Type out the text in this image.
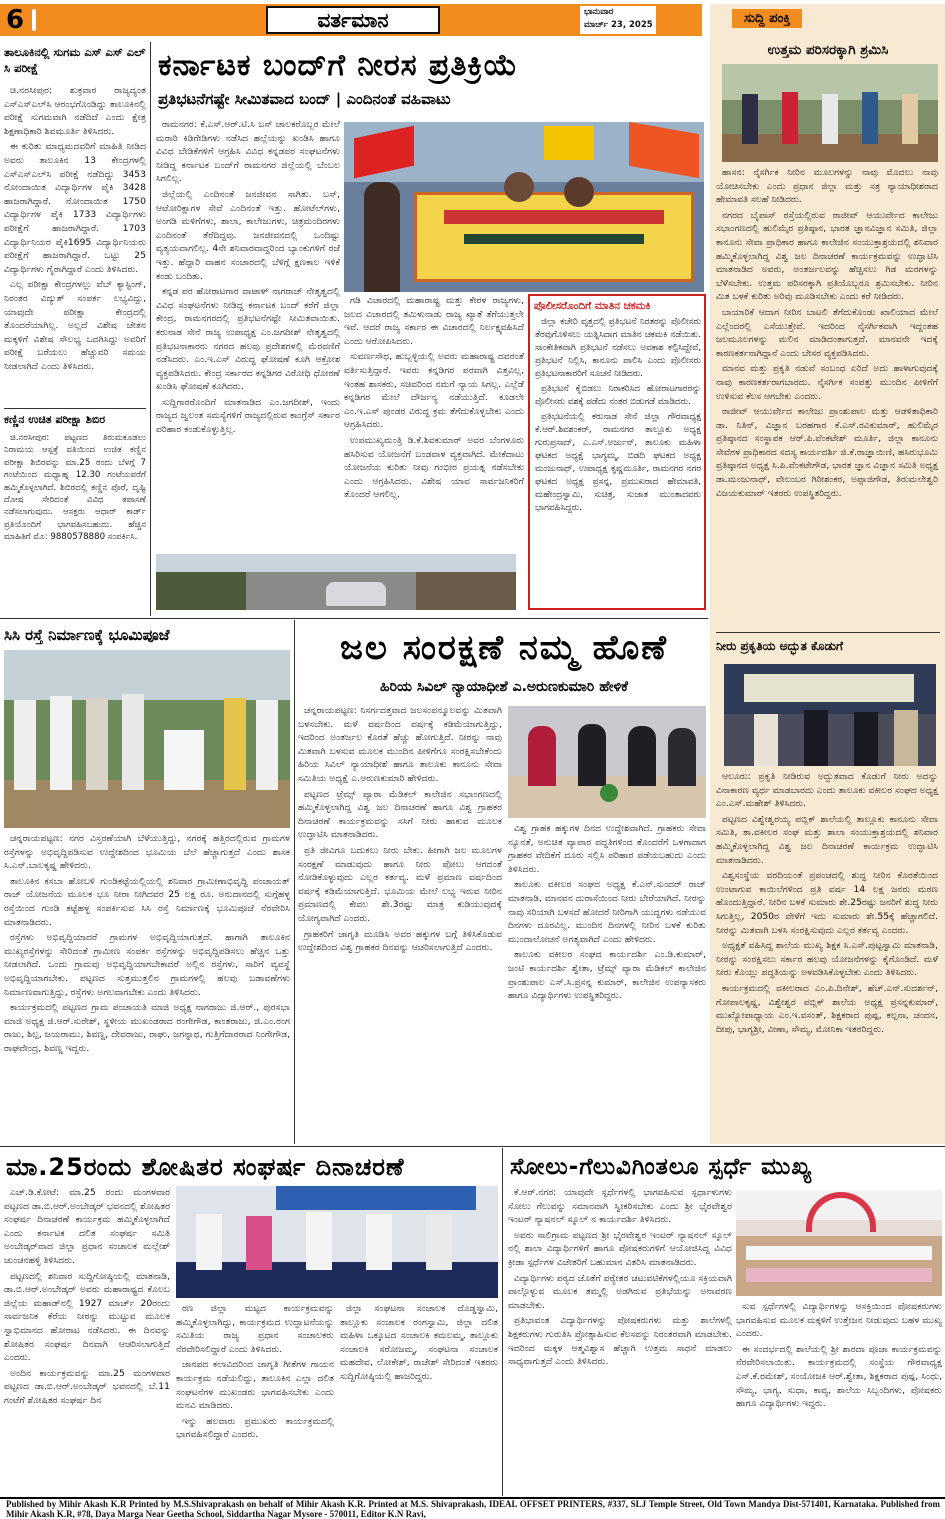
6	ವರ್ತಮಾನ	ಭಾನುವಾರ
ಮಾರ್ಚ್ 23, 2025	ಸುದ್ದಿ ಪಂಕ್ತಿ
ತಾಲೂಕಿನಲ್ಲಿ ಸುಗಮ ಎಸ್ ಎಸ್ ಎಲ್ ಸಿ ಪರೀಕ್ಷೆ

ಚಿ.ನರಸೀಪುರ: ಶುಕ್ರವಾರ ರಾಜ್ಯದ್ಯಂತ ಎಸ್‌ಎಸ್‌ಎಲ್‌ಸಿ ಆರಂಭಗೊಂಡಿದ್ದು ತಾಲೂಕಿನಲ್ಲಿ ಪರೀಕ್ಷೆ ಸುಗಮವಾಗಿ ನಡೆದಿದೆ ಎಂದು ಕ್ಷೇತ್ರ ಶಿಕ್ಷಣಾಧಿಕಾರಿ ಶಿವಮೂರ್ತಿ ತಿಳಿಸಿದರು.

ಈ ಕುರಿತು ಮಾಧ್ಯಮದವರಿಗೆ ಮಾಹಿತಿ ನೀಡಿದ ಅವರು ತಾಲೂಕಿನ 13 ಕೇಂದ್ರಗಳಲ್ಲಿ ಎಸ್‌ಎಸ್‌ಎಲ್‌ಸಿ ಪರೀಕ್ಷೆ ನಡೆದಿದ್ದು 3453 ನೋಂದಾಯಿತ ವಿದ್ಯಾರ್ಥಿಗಳ ಪೈಕಿ 3428 ಹಾಜರಾಗಿದ್ದಾರೆ. ನೋಂದಾಯಿತ 1750 ವಿದ್ಯಾರ್ಥಿಗಳ ಪೈಕಿ 1733 ವಿದ್ಯಾರ್ಥಿಗಳು ಪರೀಕ್ಷೆಗೆ ಹಾಜರಾಗಿದ್ದಾರೆ. 1703 ವಿದ್ಯಾರ್ಥಿನಿಯರ ಪೈಕಿ1695 ವಿದ್ಯಾರ್ಥಿನಿಯರು ಪರೀಕ್ಷೆಗೆ ಹಾಜರಾಗಿದ್ದಾರೆ. ಒಟ್ಟು 25 ವಿದ್ಯಾರ್ಥಿಗಳು ಗೈರಾಗಿದ್ದಾರೆ ಎಂದು ತಿಳಿಸಿದರು.

ಎಲ್ಲ ಪರೀಕ್ಷಾ ಕೇಂದ್ರಗಳಲ್ಲು ವೆಬ್ ಕ್ಯಾಸ್ಟಿಂಗ್, ನಿರಂತರ ವಿದ್ಯುತ್ ಸಂಪರ್ಕ ಲಭ್ಯವಿದ್ದು, ಯಾವುದೇ ಪರೀಕ್ಷಾ ಕೇಂದ್ರದಲ್ಲಿ ತೊಂದರೆಯಾಗಿಲ್ಲ. ಅಲ್ಲದೆ ವಿಶೇಷ ಚೇತನ ಮಕ್ಕಳಿಗೆ ವಿಶೇಷ ಸೌಲಭ್ಯ ಒದಗಿಸಿದ್ದು ಅವರಿಗೆ ಪರೀಕ್ಷೆ ಬರೆಯಲು ಹೆಚ್ಚುವರಿ ಸಮಯ ನೀಡಲಾಗಿದೆ ಎಂದು ತಿಳಿಸಿದರು.

ಕಣ್ಣಿನ ಉಚಿತ ಪರೀಕ್ಷಾ ಶಿಬಿರ

ಚಿ.ನರಸೀಪುರ: ಪಟ್ಟಣದ ತಿರುಮಕೂಡಲು ನಿರಾಮಯ ಆಸ್ಪತ್ರೆ ವತಿಯಿಂದ ಉಚಿತ ಕಣ್ಣಿನ ಪರೀಕ್ಷಾ ಶಿಬಿರವನ್ನು ಮಾ.25 ರಂದು ಬೆಳಗ್ಗೆ 7 ಗಂಟೆಯಿಂದ ಮಧ್ಯಾಹ್ನ 12.30 ಗಂಟೆಯವರೆಗೆ ಹಮ್ಮಿಕೊಳ್ಳಲಾಗಿದೆ. ಶಿಬಿರದಲ್ಲಿ ಕಣ್ಣಿನ ಪೊರೆ, ದೃಷ್ಟಿ ದೋಷ ಸೇರಿದಂತೆ ವಿವಿಧ ತಪಾಸಣೆ ನಡೆಸಲಾಗುವುದು. ಆಸಕ್ತರು ಆಧಾರ್ ಕಾರ್ಡ್ ಪ್ರತಿಯೊಂದಿಗೆ ಭಾಗವಹಿಸಬಹುದು. ಹೆಚ್ಚಿನ ಮಾಹಿತಿಗೆ ಮೊ: 9880578880 ಸಂಪರ್ಕಿಸಿ.

ಕರ್ನಾಟಕ ಬಂದ್‌ಗೆ ನೀರಸ ಪ್ರತಿಕ್ರಿಯೆ
ಪ್ರತಿಭಟನೆಗಷ್ಟೇ ಸೀಮಿತವಾದ ಬಂದ್ | ಎಂದಿನಂತೆ ವಹಿವಾಟು

ರಾಮನಗರ: ಕೆ.ಎಸ್.ಆರ್.ಟಿ.ಸಿ ಬಸ್ ಚಾಲಕರೊಬ್ಬರ ಮೇಲೆ ಮರಾಠಿ ಕಿಡಿಗೇಡಿಗಳು ನಡೆಸಿದ ಹಲ್ಲೆಯನ್ನು ಖಂಡಿಸಿ ಹಾಗೂ ವಿವಿಧ ಬೇಡಿಕೆಗಳಿಗೆ ಆಗ್ರಹಿಸಿ ವಿವಿಧ ಕನ್ನಡಪರ ಸಂಘಟನೆಗಳು ನೀಡಿದ್ದ ಕರ್ನಾಟಕ ಬಂದ್‌ಗೆ ರಾಮನಗರ ಜಿಲ್ಲೆಯಲ್ಲಿ ಬೆಂಬಲ ಸಿಗಲಿಲ್ಲ.

ಜಿಲ್ಲೆಯಲ್ಲಿ ಎಂದಿನಂತೆ ಜನಜೀವನ ಸಾಗಿತು. ಬಸ್, ಆಟೋರಿಕ್ಷಾಗಳ ಸೇವೆ ಎಂದಿನಂತೆ ಇತ್ತು. ಹೋಟೆಲ್‌ಗಳು, ಅಂಗಡಿ ಮಳಿಗೆಗಳು, ಶಾಲಾ, ಕಾಲೇಜುಗಳು, ಚಿತ್ರಮಂದಿರಗಳು ಎಂದಿನಂತೆ ತೆರೆದಿದ್ದವು. ಜನಜೀವನದಲ್ಲಿ ಒಂದಿಷ್ಟು ವ್ಯತ್ಯಯವಾಗಲಿಲ್ಲ. 4ನೇ ಶನಿವಾರವಾದ್ದರಿಂದ ಬ್ಯಾಂಕುಗಳಿಗೆ ರಜೆ ಇತ್ತು. ಹೆದ್ದಾರಿ ವಾಹನ ಸಂಚಾರದಲ್ಲಿ ಬೆಳಿಗ್ಗೆ ಕ್ಷಣಕಾಲ ಇಳಿಕೆ ಕಂಡು ಬಂದಿತು.

ಕನ್ನಡ ಪರ ಹೋರಾಟಗಾರ ವಾಟಾಳ್ ನಾಗರಾಜ್ ನೇತೃತ್ವದಲ್ಲಿ ವಿವಿಧ ಸಂಘಟನೆಗಳು ನೀಡಿದ್ದ ಕರ್ನಾಟಕ ಬಂದ್ ಕರೆಗೆ ಜಿಲ್ಲಾ ಕೇಂದ್ರ, ರಾಮನಗರದಲ್ಲಿ ಪ್ರತಿಭಟನೆಗಷ್ಟೇ ಸೀಮಿತವಾಯಿತು. ಕರುನಾಡ ಸೇನೆ ರಾಜ್ಯ ಉಪಾಧ್ಯಕ್ಷ ಎಂ.ಜಗದೀಶ್ ನೇತೃತ್ವದಲ್ಲಿ ಪ್ರತಿಭಟನಾಕಾರರು ನಗರದ ಹಲವು ಪ್ರದೇಶಗಳಲ್ಲಿ ಮೆರವಣಿಗೆ ನಡೆಸಿದರು. ಎಂ.ಇ.ಎಸ್ ವಿರುದ್ಧ ಘೋಷಣೆ ಕೂಗಿ ಆಕ್ರೋಶ ವ್ಯಕ್ತಪಡಿಸಿದರು. ಕೇಂದ್ರ ಸರ್ಕಾರದ ಕನ್ನಡಿಗರ ವಿರೋಧಿ ಧೋರಣೆ ಖಂಡಿಸಿ ಘೋಷಣೆ ಕೂಗಿದರು.

ಸುದ್ದಿಗಾರರೊಂದಿಗೆ ಮಾತನಾಡಿದ ಎಂ.ಜಗದೀಶ್, ಇಂದು ರಾಜ್ಯದ ಜ್ವಲಂತ ಸಮಸ್ಯೆಗಳಿಗೆ ರಾಜ್ಯದಲ್ಲಿರುವ ಕಾಂಗ್ರೆಸ್ ಸರ್ಕಾರ ಪರಿಹಾರ ಕಂಡುಕೊಳ್ಳುತ್ತಿಲ್ಲ.

ಗಡಿ ವಿಚಾರದಲ್ಲಿ ಮಹಾರಾಷ್ಟ್ರ ಮತ್ತು ಕೇರಳ ರಾಜ್ಯಗಳು, ಜಲದ ವಿಚಾರದಲ್ಲಿ ತಮಿಳುನಾಡು ರಾಜ್ಯ ಖ್ಯಾತೆ ತೆಗೆಯುತ್ತಲೇ ಇವೆ. ಆದರೆ ರಾಜ್ಯ ಸರ್ಕಾರ ಈ ವಿಚಾರದಲ್ಲಿ ನಿರ್ಲಕ್ಷ್ಯವಹಿಸಿದೆ ಎಂದು ಆರೋಪಿಸಿದರು.

ಸುವರ್ಣಸೌಧ, ಹುಬ್ಬಳ್ಳಿಯಲ್ಲಿ ಅವರು ಮಹಾರಾಷ್ಟ್ರ ದವರಂತೆ ವರ್ತಿಸುತ್ತಿದ್ದಾರೆ. ಇವರು ಕನ್ನಡಿಗರ ಪರವಾಗಿ ವಿತ್ತವಿಲ್ಲ, ಇಂತಹ ಶಾಸಕರು, ಸಚಿವರಿಂದ ನಮಗೆ ನ್ಯಾಯ ಸಿಗಲ್ಲ. ಎಲ್ಲೆಡೆ ಕನ್ನಡಿಗರ ಮೇಲೆ ದೌರ್ಜನ್ಯ ನಡೆಯುತ್ತಿದೆ. ಕೂಡಲೇ ಎಂ.ಇ.ಎಸ್ ಪುಂಡರ ವಿರುದ್ಧ ಕ್ರಮ ತೆಗೆದುಕೊಳ್ಳಬೇಕು ಎಂದು ಆಗ್ರಹಿಸಿದರು.

ಉಪಮುಖ್ಯಮಂತ್ರಿ ಡಿ.ಕೆ.ಶಿವಕುಮಾರ್ ಅವರ ಬೆಂಗಳೂರು ಹಸಿರಿಸುವ ಯೋಜನೆಗೆ ಬಂಡವಾಳ ವ್ಯಕ್ತವಾಗಿದೆ. ಮೇಕೆದಾಟು ಯೋಜನೆಯ ಕುರಿತು ನೀವು ಗಂಭೀರ ಪ್ರಯತ್ನ ನಡೆಸಬೇಕು ಎಂದು ಆಗ್ರಹಿಸಿದರು. ವಿಶೇಷ ಯಾವ ಸಾರ್ವಜನಿಕರಿಗೆ ತೊಂದರೆ ಆಗಲಿಲ್ಲ.

ಪೊಲೀಸರೊಂದಿಗೆ ಮಾತಿನ ಚಕಮಕಿ

ಜಿಲ್ಲಾ ಕಚೇರಿ ವೃತ್ತದಲ್ಲಿ ಪ್ರತಿಭಟನೆ ನಿರತರನ್ನು ಪೊಲೀಸರು ತೆರವುಗೊಳಿಸಲು ಯತ್ನಿಸಿದಾಗ ಮಾತಿನ ಚಕಮಕಿ ನಡೆಯಿತು. ಸಾಂಕೇತಿಕವಾಗಿ ಪ್ರತಿಭಟನೆ ನಡೆಸಲು ಅವಕಾಶ ಕಲ್ಪಿಸಿದ್ದೇವೆ, ಪ್ರತಿಭಟನೆ ನಿಲ್ಲಿಸಿ, ಕಾನೂನು ಪಾಲಿಸಿ ಎಂದು ಪೊಲೀಸರು ಪ್ರತಿಭಟನಾಕಾರರಿಗೆ ಸೂಚನೆ ನೀಡಿದರು.

ಪ್ರತಿಭಟನೆ ಕೈಬಿಡಲು ನಿರಾಕರಿಸಿದ ಹೋರಾಟಗಾರರನ್ನು ಪೊಲೀಸರು ವಶಕ್ಕೆ ಪಡೆದು ನಂತರ ಬಿಡುಗಡೆ ಮಾಡಿದರು.

ಪ್ರತಿಭಟನೆಯಲ್ಲಿ ಕರುನಾಡ ಸೇನೆ ಜಿಲ್ಲಾ ಗೌರವಾಧ್ಯಕ್ಷ ಕೆ.ಆರ್.ಶಿವಶಂಕರ್, ರಾಮನಗರ ತಾಲ್ಲೂಕು ಅಧ್ಯಕ್ಷ ಗುರುಪ್ರಸಾದ್, ಎ.ಎಸ್.ಅರ್ಜುನ್, ತಾಲೂಕು ಮಹಿಳಾ ಘಟಕದ ಅಧ್ಯಕ್ಷೆ ಭಾಗ್ಯಮ್ಮ, ಬಿಡದಿ ಘಟಕದ ಅಧ್ಯಕ್ಷ ಮಂಜುನಾಥ್, ಉಪಾಧ್ಯಕ್ಷ ಕೃಷ್ಣಮೂರ್ತಿ, ರಾಮನಗರ ನಗರ ಘಟಕದ ಅಧ್ಯಕ್ಷ ಪ್ರಸನ್ನ, ಪ್ರಮುಖರಾದ ಹೇಮಾವತಿ, ಮಹೇಂದ್ರಸ್ವಾಮಿ, ಸುಚಿತ್ರ, ಸುಜಾತ ಮುಂತಾದವರು ಭಾಗವಹಿಸಿದ್ದರು.

ಉತ್ತಮ ಪರಿಸರಕ್ಕಾಗಿ ಶ್ರಮಿಸಿ

ಹಾಸನ: ನೈಸರ್ಗಿಕ ನೀರಿನ ಮೂಲಗಳನ್ನು ನಾವು ಮೊದಲು ನಾವು ಯೋಚಿಸಬೇಕು ಎಂದು ಪ್ರಧಾನ ಜಿಲ್ಲಾ ಮತ್ತು ಸತ್ರ ನ್ಯಾಯಾಧೀಶರಾದ ಹೇಮಾವತಿ ಸಲಹೆ ನೀಡಿದರು.

ನಗರದ ಬೈಪಾಸ್ ರಸ್ತೆಯಲ್ಲಿರುವ ರಾಜೀವ್ ಆಯುರ್ವೇದ ಕಾಲೇಜು ಸಭಾಂಗಣದಲ್ಲಿ ಹುಲಿಮೈರ ಪ್ರತಿಷ್ಠಾನ, ಭಾರತ ಜ್ಞಾನವಿಜ್ಞಾನ ಸಮಿತಿ, ಜಿಲ್ಲಾ ಕಾನೂನು ಸೇವಾ ಪ್ರಾಧಿಕಾರ ಹಾಗೂ ಕಾಲೇಜಿನ ಸಂಯುಕ್ತಾಶ್ರಯದಲ್ಲಿ ಶನಿವಾರ ಹಮ್ಮಿಕೊಳ್ಳಲಾಗಿದ್ದ ವಿಶ್ವ ಜಲ ದಿನಾಚರಣೆ ಕಾರ್ಯಕ್ರಮವನ್ನು ಉದ್ಘಾಟಿಸಿ ಮಾತನಾಡಿದ ಅವರು, ಅಂತರ್ಜಲವನ್ನು ಹೆಚ್ಚಿಸಲು ಗಿಡ ಮರಗಳನ್ನು ಬೆಳೆಸಬೇಕು. ಉತ್ತಮ ಪರಿಸರಕ್ಕಾಗಿ ಪ್ರತಿಯೊಬ್ಬರೂ ಶ್ರಮಿಸಬೇಕು. ನೀರಿನ ಮಿತ ಬಳಕೆ ಕುರಿತು ಅರಿವು ಮೂಡಿಸಬೇಕು ಎಂದು ಕರೆ ನೀಡಿದರು.

ಬಾಯಾರಿಕೆ ಆದಾಗ ನೀರಿನ ಬಾಟಲಿ ತೆಗೆದುಕೊಂಡು ಖಾಲಿಯಾದ ಮೇಲೆ ಎಲ್ಲೆಂದರಲ್ಲಿ ಎಸೆಯುತ್ತೇವೆ. ಇದರಿಂದ ನೈಸರ್ಗಿಕವಾಗಿ ಇದ್ದಂತಹ ಜಲಮೂಲಗಳನ್ನು ಮಲಿನ ಮಾಡಿದಂತಾಗುತ್ತದೆ. ಮಾನವನೇ ಇದಕ್ಕೆ ಕಾರಣಕರ್ತನಾಗಿದ್ದಾನೆ ಎಂದು ಬೇಸರ ವ್ಯಕ್ತಪಡಿಸಿದರು.

ಮಾನವ ಮತ್ತು ಪ್ರಕೃತಿ ನಡುವೆ ಸಂಬಂಧ ಏರಿದೆ ಅದು ಹಾಳಾಗುವುದಕ್ಕೆ ನಾವು ಕಾರಣಕರ್ತರಾಗಬಾರದು. ನೈಸರ್ಗಿಕ ಸಂಪತ್ತು ಮುಂದಿನ ಪೀಳಿಗೆಗೆ ಉಳಿಸುವ ಕೆಲಸ ಆಗಬೇಕು ಎಂದರು.

ರಾಜೀವ್ ಆಯುರ್ವೇದ ಕಾಲೇಜು ಪ್ರಾಂಶುಪಾಲ ಮತ್ತು ಆಡಳಿತಾಧಿಕಾರಿ ಡಾ. ನಿತಿನ್, ವಿಜ್ಞಾನ ಬರಹಗಾರ ಕೆ.ಎಸ್.ರವಿಕುಮಾರ್, ಹುಲಿಮೈರ ಪ್ರತಿಷ್ಠಾನದ ಸಂಸ್ಥಾಪಕ ಆರ್.ಪಿ.ವೆಂಕಟೇಶ್ ಮೂರ್ತಿ, ಜಿಲ್ಲಾ ಕಾನೂನು ಸೇವೆಗಳ ಪ್ರಾಧಿಕಾರದ ಸದಸ್ಯ ಕಾರ್ಯದರ್ಶಿ ಜಿ.ಕೆ.ರಾಜ್ಞಾಯಿಣಿ, ಹಸಿರುಭೂಮಿ ಪ್ರತಿಷ್ಠಾನದ ಅಧ್ಯಕ್ಷ ಸಿ.ಪಿ.ವೆಂಕಟೇಗೌಡ, ಭಾರತ ಜ್ಞಾನ ವಿಜ್ಞಾನ ಸಮಿತಿ ಅಧ್ಯಕ್ಷ ಡಾ.ಮಂಜುನಾಥ್, ವೇಲಂಬರ ಗಿರೀಶಂಕರ, ಅಪ್ಪಾಜಿಗೌಡ, ತಿರುಮಲೇಶ್ವರಿ ವಿಜಯಕುಮಾರ್ ಇತರರು ಉಪಸ್ಥಿತರಿದ್ದರು.

ನೀರು ಪ್ರಕೃತಿಯ ಅದ್ಭುತ ಕೊಡುಗೆ

ಆಲೂರು: ಪ್ರಕೃತಿ ನೀಡಿರುವ ಅದ್ಭುತವಾದ ಕೊಡುಗೆ ನೀರು ಅದನ್ನು ವಿನಾಕಾರಣ ವ್ಯರ್ಥ ಮಾಡಬಾರದು ಎಂದು ತಾಲೂಕು ವಕೀಲರ ಸಂಘದ ಅಧ್ಯಕ್ಷ ಎಂ.ಎಸ್.ಮಹೇಶ್ ತಿಳಿಸಿದರು.

ಪಟ್ಟಣದ ವಿಶ್ವೇಶ್ವರಯ್ಯ ಪಬ್ಲಿಕ್ ಶಾಲೆಯಲ್ಲಿ ತಾಲ್ಲೂಕು ಕಾನೂನು ಸೇವಾ ಸಮಿತಿ, ತಾ.ವಕೀಲರ ಸಂಘ ಮತ್ತು ಶಾಲಾ ಸಂಯುಕ್ತಾಶ್ರಯದಲ್ಲಿ ಶನಿವಾರ ಹಮ್ಮಿಕೊಳ್ಳಲಾಗಿದ್ದ ವಿಶ್ವ ಜಲ ದಿನಾಚರಣೆ ಕಾರ್ಯಕ್ರಮ ಉದ್ಘಾಟಿಸಿ ಮಾತನಾಡಿದರು.

ವಿಶ್ವಸಂಸ್ಥೆಯ ವರದಿಯಂತೆ ಪ್ರಪಂಚದಲ್ಲಿ ಶುದ್ಧ ನೀರಿನ ಕೊರತೆಯಿಂದ ಉಂಟಾಗುವ ಕಾಯಿಲೆಗಳಿಂದ ಪ್ರತಿ ವರ್ಷ 14 ಲಕ್ಷ ಜನರು ಮರಣ ಹೊಂದುತ್ತಿದ್ದಾರೆ. ನೀರಿನ ಬಳಕೆ ಸುಮಾರು ಶೇ.25ರಷ್ಟು ಜನರಿಗೆ ಶುದ್ಧ ನೀರು ಸಿಗುತ್ತಿಲ್ಲ, 2050ರ ವೇಳೆಗೆ ಇದು ಸುಮಾರು ಶೇ.55ಕ್ಕೆ ಹೆಚ್ಚಾಗಲಿದೆ. ನೀರನ್ನು ಮಿತವಾಗಿ ಬಳಸಿ ಸಂರಕ್ಷಿಸುವುದು ಎಲ್ಲರ ಕರ್ತವ್ಯ ಎಂದರು.

ಅಧ್ಯಕ್ಷತೆ ವಹಿಸಿದ್ದ ಶಾಲೆಯ ಮುಖ್ಯ ಶಿಕ್ಷಕ ಸಿ.ಎಸ್.ಪುಟ್ಟಸ್ವಾಮಿ ಮಾತನಾಡಿ, ನೀರನ್ನು ಸಂರಕ್ಷಿಸಲು ಸರ್ಕಾರ ಹಲವು ಯೋಜನೆಗಳನ್ನು ಕೈಗೊಂಡಿದೆ. ಮಳೆ ನೀರು ಕೊಯ್ಲು ಪದ್ಧತಿಯನ್ನು ಅಳವಡಿಸಿಕೊಳ್ಳಬೇಕು ಎಂದು ತಿಳಿಸಿದರು.

ಕಾರ್ಯಕ್ರಮದಲ್ಲಿ ವಕೀಲರಾದ ಎಂ.ಪಿ.ದಿನೇಶ್, ಹೆಚ್.ಎನ್.ಸುದರ್ಶನ್, ಗೋಪಾಲಕೃಷ್ಣ, ವಿಶ್ವೇಶ್ವರ ಪಬ್ಲಿಕ್ ಶಾಲೆಯ ಅಧ್ಯಕ್ಷ ಪ್ರಸನ್ನಕುಮಾರ್, ಮುಖ್ಯೋಪಾಧ್ಯಾಯ ಎಂ.ಇ.ವಸಂತ್, ಶಿಕ್ಷಕರಾದ ಪುಷ್ಪ, ಕಲ್ಪನಾ, ಚಂದನ, ದೀಪು, ಭಾಗ್ಯಶ್ರೀ, ವೀಣಾ, ಸೌಮ್ಯ, ಮೋನಿಕಾ ಇತರರಿದ್ದರು.

ಸಿಸಿ ರಸ್ತೆ ನಿರ್ಮಾಣಕ್ಕೆ ಭೂಮಿಪೂಜೆ

ಚನ್ನರಾಯಪಟ್ಟಣ: ನಗರ ವಿಸ್ತರಣೆಯಾಗಿ ಬೆಳೆಯುತ್ತಿದ್ದು, ನಗರಕ್ಕೆ ಹತ್ತಿರದಲ್ಲಿರುವ ಗ್ರಾಮಗಳ ರಸ್ತೆಗಳನ್ನು ಅಭಿವೃದ್ದಿಪಡಿಸುವ ಉದ್ದೇಶದಿಂದ ಭೂಮಿಯ ಬೆಲೆ ಹೆಚ್ಚಾಗುತ್ತದೆ ಎಂದು ಶಾಸಕ ಸಿ.ಎನ್.ಬಾಲಕೃಷ್ಣ ಹೇಳಿದರು.

ತಾಲೂಕಿನ ಕಸಬಾ ಹೋಬಳಿ ಗುಂಡಿಕಟ್ಟೆಯಲ್ಲಿಯಲ್ಲಿ ಶನಿವಾರ ಗ್ರಾಮೀಣಾಭಿವೃದ್ಧಿ ಪಂಚಾಯತ್ ರಾಜ್ ಯೋಜನೆಯ ಮೂಲಕ ಭೂ ನೀರಾ ನೀಗಿದವರ 25 ಲಕ್ಷ ರೂ. ಅನುದಾನದಲ್ಲಿ ಸುಗ್ಗೆಹಳ್ಳ ರಸ್ತೆಯಿಂದ ಗುಂಡಿ ಕಟ್ಟೆಹಳ್ಳ ಸಂಪರ್ಕಿಸುವ ಸಿಸಿ ರಸ್ತೆ ನಿರ್ಮಾಣಕ್ಕೆ ಭೂಮಿಪೂಜೆ ನೆರವೇರಿಸಿ ಮಾತನಾಡಿದರು.

ರಸ್ತೆಗಳು ಅಭಿವೃದ್ದಿಯಾದರೆ ಗ್ರಾಮಗಳ ಅಭಿವೃದ್ದಿಯಾಗುತ್ತದೆ. ಹಾಗಾಗಿ ತಾಲೂಕಿನ ಮುಖ್ಯರಸ್ತೆಗಳನ್ನು ಸೇರಿದಂತೆ ಗ್ರಾಮೀಣ ಸಂಪರ್ಕ ರಸ್ತೆಗಳನ್ನು ಅಭಿವೃದ್ದಿಪಡಿಸಲು ಹೆಚ್ಚಿನ ಒತ್ತು ನೀಡಲಾಗಿದೆ. ಒಂದು ಗ್ರಾಮವು ಅಭಿವೃದ್ದಿಯಾಗಬೇಕಾದರೆ ಅಲ್ಲಿನ ರಸ್ತೆಗಳು, ಸಾರಿಗೆ ವ್ಯವಸ್ಥೆ ಅಭಿವೃದ್ದಿಯಾಗಬೇಕು. ಪಟ್ಟಣದ ಸುತ್ತಮುತ್ತಲಿನ ಗ್ರಾಮಗಳಲ್ಲಿ ಹಲವು ಬಡಾವಣೆಗಳು ನಿರ್ಮಾಣವಾಗುತ್ತಿದ್ದು, ರಸ್ತೆಗಳು ಅಗಲವಾಗಬೇಕು ಎಂದು ತಿಳಿಸಿದರು.

ಕಾರ್ಯಕ್ರಮದಲ್ಲಿ ಪಟ್ಟಣದ ಗ್ರಾಮ ಪಂಚಾಯತಿ ಮಾಜಿ ಅಧ್ಯಕ್ಷ ನಾಗರಾಜು ಜಿ.ಆರ್., ಪುರಸಭಾ ಮಾಜಿ ಅಧ್ಯಕ್ಷ ಜಿ.ಆರ್.ಸುರೇಶ್, ಸ್ಥಳೀಯ ಮುಖಂಡರಾದ ರಂಗೇಗೌಡ, ಕಾಂತರಾಜು, ಜಿ.ಎಂ.ರಂಗ ರಾಜು, ಶಿಲ್ಪ, ಜಯರಾಮು, ಶಿವಣ್ಣ, ದೇವರಾಜು, ರಾಘು, ಜಗನ್ನಾಥ, ಗುತ್ತಿಗೆದಾರರಾದ ನಿಂಗೇಗೌಡ, ರಾಘವೇಂದ್ರ, ಶಿವಣ್ಣ ಇದ್ದರು.

ಜಲ ಸಂರಕ್ಷಣೆ ನಮ್ಮ ಹೊಣೆ
ಹಿರಿಯ ಸಿವಿಲ್ ನ್ಯಾಯಾಧೀಶೆ ಎ.ಅರುಣಕುಮಾರಿ ಹೇಳಿಕೆ

ಚನ್ನರಾಯಪಟ್ಟಣ: ನಿಸರ್ಗದತ್ತವಾದ ಜಲಸಂಪನ್ಮೂಲವನ್ನು ಮಿತವಾಗಿ ಬಳಸಬೇಕು. ಮಳೆ ವರ್ಷದಿಂದ ವರ್ಷಕ್ಕೆ ಕಡಿಮೆಯಾಗುತ್ತಿದ್ದು, ಇದರಿಂದ ಅಂತರ್ಜಲ ಕೊರತೆ ಹೆಚ್ಚು ಹೋಗುತ್ತಿದೆ. ನೀರನ್ನು ನಾವು ಮಿತವಾಗಿ ಬಳಸುವ ಮೂಲಕ ಮುಂದಿನ ಪೀಳಿಗೆಗೂ ಸಂರಕ್ಷಿಸಬೇಕೆಂದು ಹಿರಿಯ ಸಿವಿಲ್ ನ್ಯಾಯಾಧೀಶೆ ಹಾಗೂ ತಾಲೂಕು ಕಾನೂನು ಸೇವಾ ಸಮಿತಿಯ ಅಧ್ಯಕ್ಷೆ ಎ.ಅರುಣಕುಮಾರಿ ಹೇಳಿದರು.

ಪಟ್ಟಣದ ಟ್ರೆಮ್ಸ್ ಪ್ಯಾರಾ ಮೆಡಿಕಲ್ ಕಾಲೇಜಿನ ಸಭಾಂಗಣದಲ್ಲಿ ಹಮ್ಮಿಕೊಳ್ಳಲಾಗಿದ್ದ ವಿಶ್ವ ಜಲ ದಿನಾಚರಣೆ ಹಾಗೂ ವಿಶ್ವ ಗ್ರಾಹಕರ ದಿನಾಚರಣೆ ಕಾರ್ಯಕ್ರಮವನ್ನು ಸಸಿಗೆ ನೀರು ಹಾಕುವ ಮೂಲಕ ಉದ್ಘಾಟಿಸಿ ಮಾತನಾಡಿದರು.

ಪ್ರತಿ ಜೀವಿಗೂ ಬದುಕಲು ನೀರು ಬೇಕು. ಹೀಗಾಗಿ ಜಲ ಮೂಲಗಳ ಸಂರಕ್ಷಣೆ ಮಾಡುವುದು ಹಾಗೂ ನೀರು ಪೋಲು ಆಗದಂತೆ ನೋಡಿಕೊಳ್ಳುವುದು ಎಲ್ಲರ ಕರ್ತವ್ಯ. ಮಳೆ ಪ್ರಮಾಣ ವರ್ಷದಿಂದ ವರ್ಷಕ್ಕೆ ಕಡಿಮೆಯಾಗುತ್ತಿದೆ. ಭೂಮಿಯ ಮೇಲೆ ಲಭ್ಯ ಇರುವ ನೀರಿನ ಪ್ರಮಾಣದಲ್ಲಿ ಕೇವಲ ಶೇ.3ರಷ್ಟು ಮಾತ್ರ ಕುಡಿಯುವುದಕ್ಕೆ ಯೋಗ್ಯವಾಗಿದೆ ಎಂದರು.

ಗ್ರಾಹಕರಿಗೆ ಜಾಗೃತಿ ಮೂಡಿಸಿ ಅವರ ಹಕ್ಕುಗಳ ಬಗ್ಗೆ ತಿಳಿಸಿಕೊಡುವ ಉದ್ದೇಶದಿಂದ ವಿಶ್ವ ಗ್ರಾಹಕರ ದಿನವನ್ನು ಆಚರಿಸಲಾಗುತ್ತಿದೆ ಎಂದರು.

ವಿಶ್ವ ಗ್ರಾಹಕ ಹಕ್ಕುಗಳ ದಿನದ ಉದ್ದೇಶವಾಗಿದೆ. ಗ್ರಾಹಕರು ಸೇವಾ ನ್ಯೂನತೆ, ಅನುಚಿತ ವ್ಯಾಪಾರ ಪದ್ಧತಿಗಳಿಂದ ತೊಂದರೆಗೆ ಒಳಗಾದಾಗ ಗ್ರಾಹಕರ ವೇದಿಕೆಗೆ ದೂರು ಸಲ್ಲಿಸಿ ಪರಿಹಾರ ಪಡೆಯಬಹುದು ಎಂದು ತಿಳಿಸಿದರು.

ತಾಲೂಕು ವಕೀಲರ ಸಂಘದ ಅಧ್ಯಕ್ಷ ಕೆ.ಎನ್.ಸುಂದರ್ ರಾಜ್ ಮಾತನಾಡಿ, ಮಾನವನ ದುರಾಸೆಯಿಂದ ನೀರು ಬೇರೆಯಾಗಿದೆ. ನೀರನ್ನು ನಾವು ಸರಿಯಾಗಿ ಬಳಸದೆ ಹೋದರೆ ನೀರಿಗಾಗಿ ಯುದ್ಧಗಳು ನಡೆಯುವ ದಿನಗಳು ದೂರವಿಲ್ಲ. ಮುಂದಿನ ದಿನಗಳಲ್ಲಿ ನೀರಿನ ಬಳಕೆ ಕುರಿತು ಮುಂದಾಲೋಚನೆ ಅಗತ್ಯವಾಗಿದೆ ಎಂದು ಹೇಳಿದರು.

ತಾಲೂಕು ವಕೀಲರ ಸಂಘದ ಕಾರ್ಯದರ್ಶಿ ಎಂ.ಡಿ.ಕುಮಾರ್, ಜಂಟಿ ಕಾರ್ಯದರ್ಶಿ ಶ್ವೇತಾ, ಟ್ರೆಮ್ಸ್ ಪ್ಯಾರಾ ಮೆಡಿಕಲ್ ಕಾಲೇಜಿನ ಪ್ರಾಂಶುಪಾಲ ಎಸ್.ಸಿ.ಪ್ರಸನ್ನ ಕುಮಾರ್, ಕಾಲೇಜಿನ ಉಪನ್ಯಾಸಕರು ಹಾಗೂ ವಿದ್ಯಾರ್ಥಿಗಳು ಉಪಸ್ಥಿತರಿದ್ದರು.

ಮಾ.25ರಂದು ಶೋಷಿತರ ಸಂಘರ್ಷ ದಿನಾಚರಣೆ

ಎಚ್.ಡಿ.ಕೋಟೆ: ಮಾ.25 ರಂದು ಮಂಗಳವಾರ ಪಟ್ಟಣದ ಡಾ.ಬಿ.ಆರ್.ಅಂಬೇಡ್ಕರ್ ಭವನದಲ್ಲಿ ಶೋಷಿತರ ಸಂಘರ್ಷ ದಿನಾಚರಣೆ ಕಾರ್ಯಕ್ರಮ ಹಮ್ಮಿಕೊಳ್ಳಲಾಗಿದೆ ಎಂದು ಕರ್ನಾಟಕ ದಲಿತ ಸಂಘರ್ಷ ಸಮಿತಿ ಅಂಬೇಡ್ಕರ್‌ವಾದ ಜಿಲ್ಲಾ ಪ್ರಧಾನ ಸಂಚಾಲಕ ಮಲ್ಲೇಶ್ ಚುಂಚನಹಳ್ಳಿ ತಿಳಿಸಿದರು.

ಪಟ್ಟಣದಲ್ಲಿ ಶನಿವಾರ ಸುದ್ದಿಗೋಷ್ಠಿಯಲ್ಲಿ ಮಾತನಾಡಿ, ಡಾ.ಬಿ.ಆರ್.ಅಂಬೇಡ್ಕರ್ ಅವರು ಮಹಾರಾಷ್ಟ್ರದ ಕೊಲಬ ಜಿಲ್ಲೆಯ ಮಹಾಡ್‌ನಲ್ಲಿ 1927 ಮಾರ್ಚ್ 20ರಂದು ಸಾರ್ವಜನಿಕ ಕೆರೆಯ ನೀರನ್ನು ಮುಟ್ಟುವ ಮೂಲಕ ಸ್ವಾಭಿಮಾನದ ಹೋರಾಟ ನಡೆಸಿದರು. ಈ ದಿನವನ್ನು ಶೋಷಿತರ ಸಂಘರ್ಷ ದಿನವಾಗಿ ಆಚರಿಸಲಾಗುತ್ತಿದೆ ಎಂದರು.

ಅಂದಿನ ಕಾರ್ಯಕ್ರಮವನ್ನು ಮಾ.25 ಮಂಗಳವಾರ ಪಟ್ಟಣದ ಡಾ.ಬಿ.ಆರ್.ಅಂಬೇಡ್ಕರ್ ಭವನದಲ್ಲಿ ಬೆ.11 ಗಂಟೆಗೆ ಶೋಷಿತರ ಸಂಘರ್ಷ ದಿನ

ರಣ ಜಿಲ್ಲಾ ಮಟ್ಟದ ಕಾರ್ಯಕ್ರಮವನ್ನು ಹಮ್ಮಿಕೊಳ್ಳಲಾಗಿದ್ದು, ಕಾರ್ಯಕ್ರಮದ ಉದ್ಘಾಟನೆಯನ್ನು ಸಮಿತಿಯ ರಾಜ್ಯ ಪ್ರಧಾನ ಸಂಚಾಲಕರು ನೆರವೇರಿಸಲಿದ್ದಾರೆ ಎಂದು ತಿಳಿಸಿದರು.

ಜಾನಪದ ಕಲಾವಿದರಿಂದ ಜಾಗೃತಿ ಗೀತೆಗಳ ಗಾಯನ ಕಾರ್ಯಕ್ರಮ ನಡೆಯಲಿದ್ದು, ತಾಲೂಕಿನ ಎಲ್ಲಾ ದಲಿತ ಸಂಘಟನೆಗಳ ಮುಖಂಡರು ಭಾಗವಹಿಸಬೇಕು ಎಂದು ಮನವಿ ಮಾಡಿದರು.

ಇನ್ನು ಹಲವಾರು ಪ್ರಮುಖರು ಕಾರ್ಯಕ್ರಮದಲ್ಲಿ ಭಾಗವಹಿಸಲಿದ್ದಾರೆ ಎಂದರು.

ಜಿಲ್ಲಾ ಸಂಘಟನಾ ಸಂಚಾಲಕ ದೊಡ್ಡಸ್ವಾಮಿ, ತಾಲ್ಲೂಕು ಸಂಚಾಲಕ ರಂಗಸ್ವಾಮಿ, ಜಿಲ್ಲಾ ದಲಿತ ಮಹಿಳಾ ಒಕ್ಕೂಟದ ಸಂಚಾಲಕಿ ಕಮಲಮ್ಮ, ತಾಲ್ಲೂಕು ಸಂಚಾಲಕಿ ಸರೋಜಮ್ಮ, ಸಂಘಟನಾ ಸಂಚಾಲಕ ಮಹದೇವ, ಲೋಕೇಶ್, ರಾಜೇಶ್ ಸೇರಿದಂತೆ ಇತರರು ಸುದ್ದಿಗೋಷ್ಠಿಯಲ್ಲಿ ಹಾಜರಿದ್ದರು.

ಸೋಲು-ಗೆಲುವಿಗಿಂತಲೂ ಸ್ಪರ್ಧೆ ಮುಖ್ಯ

ಕೆ.ಆರ್.ನಗರ: ಯಾವುದೇ ಸ್ಪರ್ಧೆಗಳಲ್ಲಿ ಭಾಗವಹಿಸುವ ಸ್ಪರ್ಧಾಳುಗಳು ಸೋಲು ಗೆಲುವನ್ನು ಸಮಾನವಾಗಿ ಸ್ವೀಕರಿಸಬೇಕು ಎಂದು ಶ್ರೀ ಭೈರವೇಶ್ವರ ಇಂಟರ್ ನ್ಯಾಷನಲ್ ಸ್ಕೂಲ್ ನ ಕಾರ್ಯದರ್ಶಿ ತಿಳಿಸಿದರು.

ಅವರು ಸಾಲಿಗ್ರಾಮ ಪಟ್ಟಣದ ಶ್ರೀ ಭೈರವೇಶ್ವರ ಇಂಟರ್ ನ್ಯಾಷನಲ್ ಸ್ಕೂಲ್ ನಲ್ಲಿ ಶಾಲಾ ವಿದ್ಯಾರ್ಥಿಗಳಿಗೆ ಹಾಗೂ ಪೋಷಕರುಗಳಿಗೆ ಆಯೋಜಿಸಿದ್ದ ವಿವಿಧ ಕ್ರೀಡಾ ಸ್ಪರ್ಧೆಗಳ ವಿಜೇತರಿಗೆ ಬಹುಮಾನ ವಿತರಿಸಿ ಮಾತನಾಡಿದರು.

ವಿದ್ಯಾರ್ಥಿಗಳು ಪಠ್ಯದ ಜೊತೆಗೆ ಪಠ್ಯೇತರ ಚಟುವಟಿಕೆಗಳಲ್ಲಿಯೂ ಸಕ್ರಿಯವಾಗಿ ಪಾಲ್ಗೊಳ್ಳುವ ಮೂಲಕ ತಮ್ಮಲ್ಲಿ ಅಡಗಿರುವ ಪ್ರತಿಭೆಯನ್ನು ಅನಾವರಣ ಮಾಡಬೇಕು.

ಪ್ರತಿಭಾವಂತ ವಿದ್ಯಾರ್ಥಿಗಳನ್ನು ಪೋಷಕರುಗಳು ಮತ್ತು ಶಾಲೆಗಳಲ್ಲಿ ಶಿಕ್ಷಕರುಗಳು ಗುರುತಿಸಿ ಪ್ರೋತ್ಸಾಹಿಸುವ ಕೆಲಸವನ್ನು ನಿರಂತರವಾಗಿ ಮಾಡಬೇಕು. ಇದರಿಂದ ಮಕ್ಕಳ ಆತ್ಮವಿಶ್ವಾಸ ಹೆಚ್ಚಾಗಿ ಉತ್ತಮ ಸಾಧನೆ ಮಾಡಲು ಸಾಧ್ಯವಾಗುತ್ತದೆ ಎಂದು ತಿಳಿಸಿದರು.

ಸುವ ಸ್ಪರ್ಧೆಗಳಲ್ಲಿ ವಿದ್ಯಾರ್ಥಿಗಳನ್ನು ಆಸಕ್ತಿಯಿಂದ ಪೋಷಕರುಗಳು ಭಾಗವಹಿಸುವ ಮೂಲಕ ಮಕ್ಕಳಿಗೆ ಉತ್ತೇಜನ ನೀಡುವುದು ಬಹಳ ಮುಖ್ಯ ಎಂದರು.

ಈ ಸಂದರ್ಭದಲ್ಲಿ ಶಾಲೆಯಲ್ಲಿ ಶ್ರೀ ಶಾರದಾ ಪೂಜಾ ಕಾರ್ಯಕ್ರಮವನ್ನು ನೆರವೇರಿಸಲಾಯಿತು. ಕಾರ್ಯಕ್ರಮದಲ್ಲಿ ಸಂಸ್ಥೆಯ ಗೌರವಾಧ್ಯಕ್ಷ ಎಸ್.ಕೆ.ರಮೇಶ್, ಸಂಯೋಜಕಿ ಆರ್.ಶ್ವೇತಾ, ಶಿಕ್ಷಕರಾದ ಪುಷ್ಪ, ಸಿಂಧು, ಸೌಮ್ಯ, ಭಾಗ್ಯ, ಸುಧಾ, ಕಾವ್ಯ, ಶಾಲೆಯ ಸಿಬ್ಬಂದಿಗಳು, ಪೋಷಕರು ಹಾಗೂ ವಿದ್ಯಾರ್ಥಿಗಳು ಇದ್ದರು.

Published by Mihir Akash K.R Printed by M.S.Shivaprakash on behalf of Mihir Akash K.R. Printed at M.S. Shivaprakash, IDEAL OFFSET PRINTERS, #337, SLJ Temple Street, Old Town Mandya Dist-571401, Karnataka. Published from Mihir Akash K.R, #78, Daya Marga Near Geetha School, Siddartha Nagar Mysore - 570011, Editor K.N Ravi,
